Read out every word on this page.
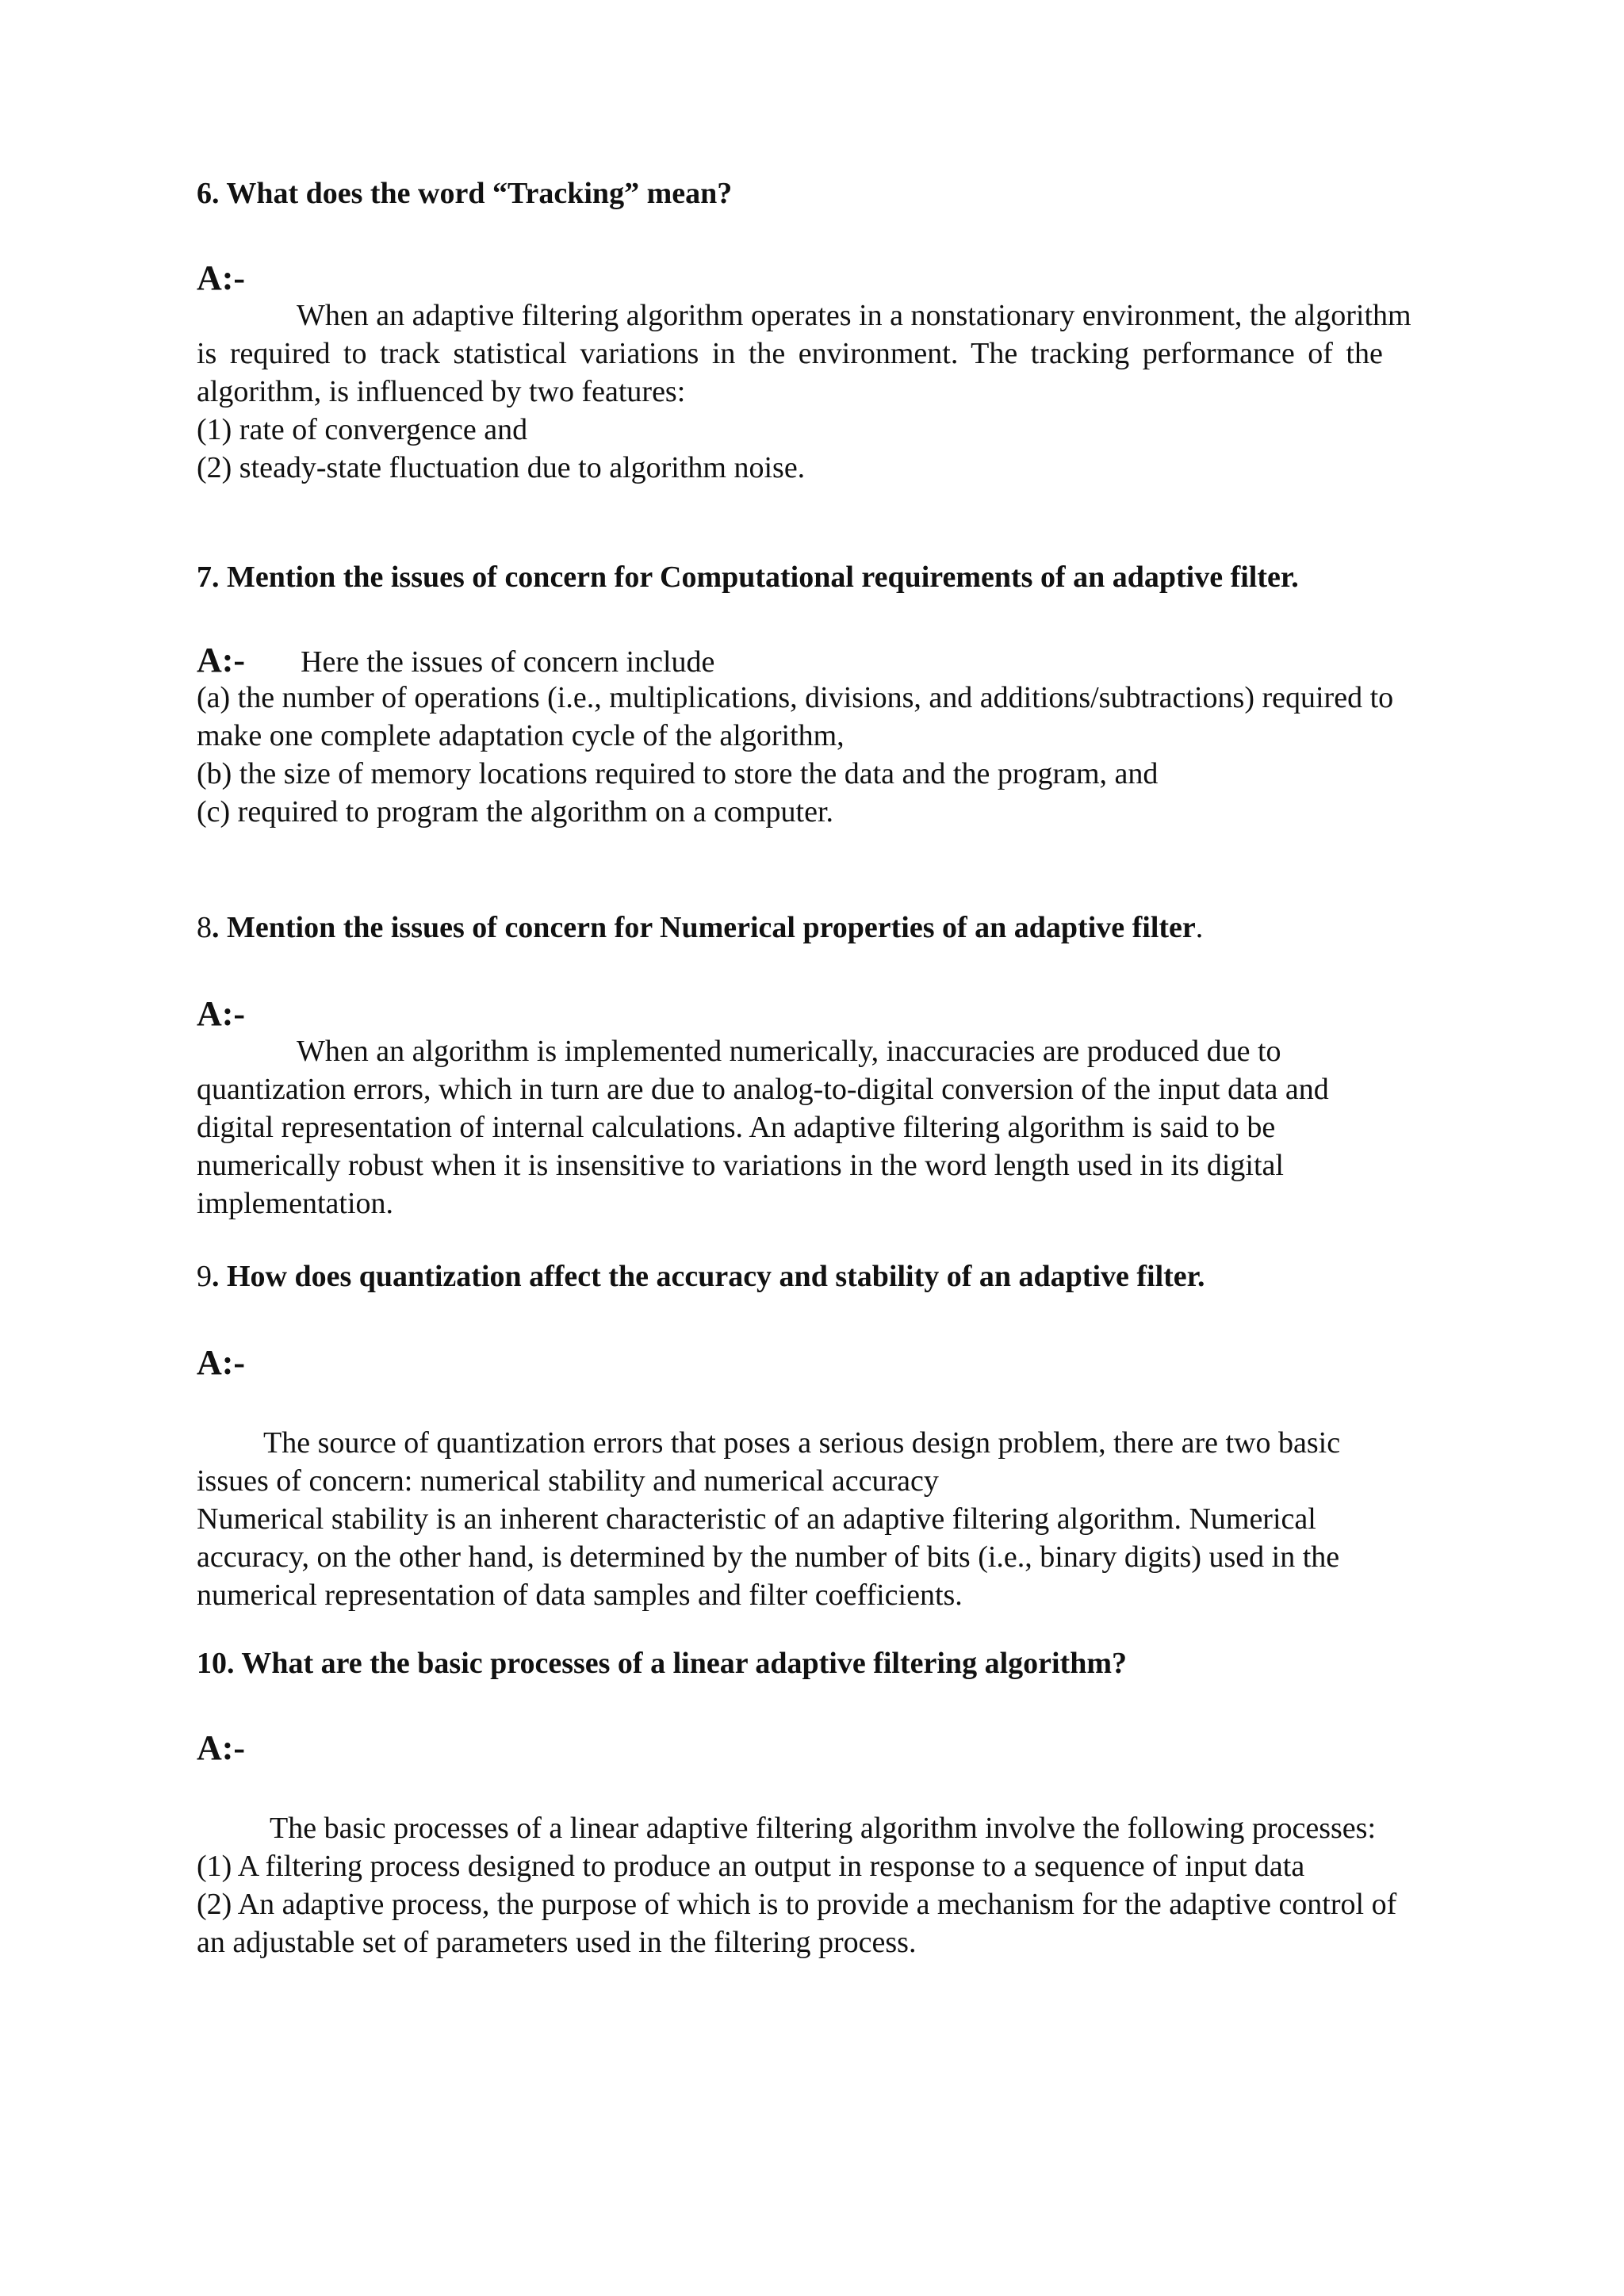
6. What does the word “Tracking” mean?

A:-

When an adaptive filtering algorithm operates in a nonstationary environment, the algorithm
is required to track statistical variations in the environment. The tracking performance of the
algorithm, is influenced by two features:
(1) rate of convergence and
(2) steady-state fluctuation due to algorithm noise.

7. Mention the issues of concern for Computational requirements of an adaptive filter.

A:- Here the issues of concern include
(a) the number of operations (i.e., multiplications, divisions, and additions/subtractions) required to
make one complete adaptation cycle of the algorithm,
(b) the size of memory locations required to store the data and the program, and
(c) required to program the algorithm on a computer.

8. Mention the issues of concern for Numerical properties of an adaptive filter.

A:-

When an algorithm is implemented numerically, inaccuracies are produced due to
quantization errors, which in turn are due to analog-to-digital conversion of the input data and
digital representation of internal calculations. An adaptive filtering algorithm is said to be
numerically robust when it is insensitive to variations in the word length used in its digital
implementation.

9. How does quantization affect the accuracy and stability of an adaptive filter.

A:-

The source of quantization errors that poses a serious design problem, there are two basic
issues of concern: numerical stability and numerical accuracy
Numerical stability is an inherent characteristic of an adaptive filtering algorithm. Numerical
accuracy, on the other hand, is determined by the number of bits (i.e., binary digits) used in the
numerical representation of data samples and filter coefficients.

10. What are the basic processes of a linear adaptive filtering algorithm?

A:-

The basic processes of a linear adaptive filtering algorithm involve the following processes:
(1) A filtering process designed to produce an output in response to a sequence of input data
(2) An adaptive process, the purpose of which is to provide a mechanism for the adaptive control of
an adjustable set of parameters used in the filtering process.
